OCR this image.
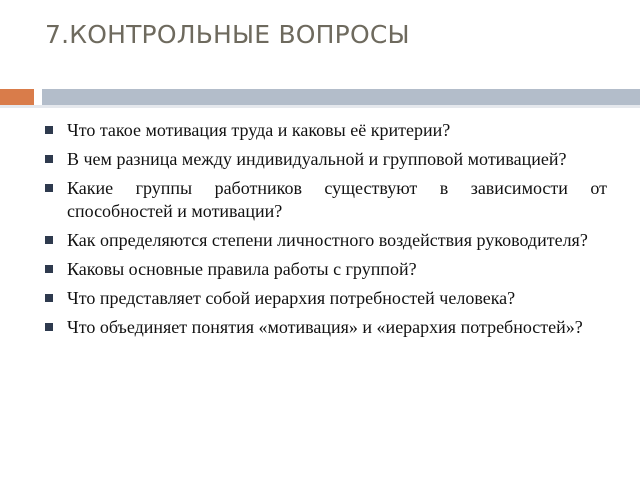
7.КОНТРОЛЬНЫЕ ВОПРОСЫ
Что такое мотивация труда и каковы её критерии?
В чем разница между индивидуальной и групповой мотивацией?
Какие группы работников существуют в зависимости от способностей и мотивации?
Как определяются степени личностного воздействия руководителя?
Каковы основные правила работы с группой?
Что представляет собой иерархия потребностей человека?
Что объединяет понятия «мотивация» и «иерархия потребностей»?
